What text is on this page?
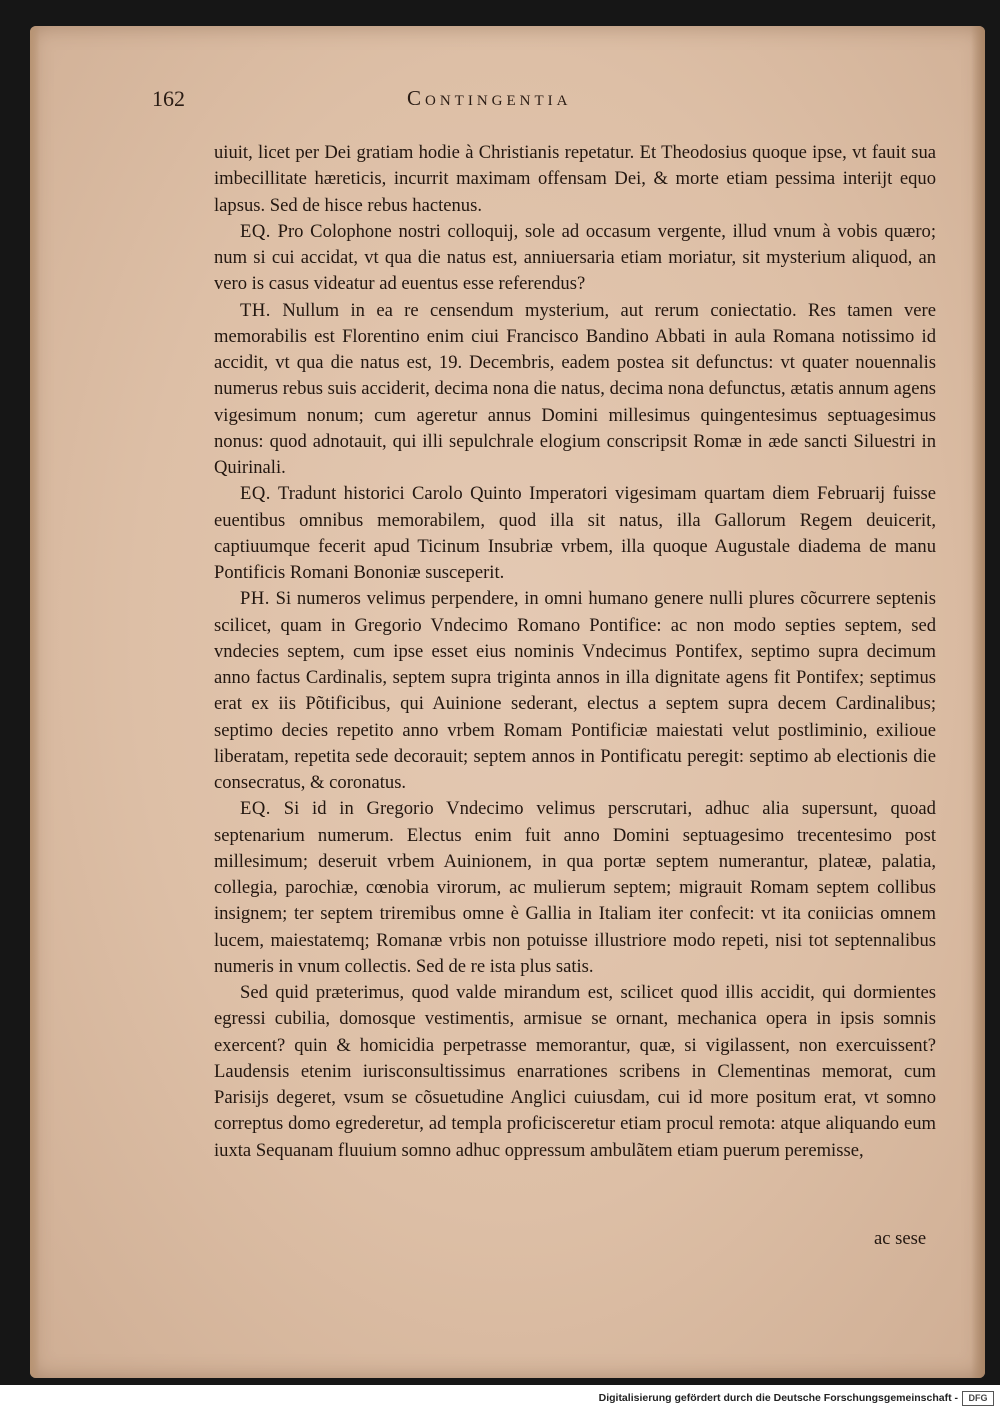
162	Contingentia

uiuit, licet per Dei gratiam hodie à Christianis repetatur. Et Theodosius quoque ipse, vt fauit sua imbecillitate hæreticis, incurrit maximam offensam Dei, & morte etiam pessima interijt equo lapsus. Sed de hisce rebus hactenus.

EQ. Pro Colophone nostri colloquij, sole ad occasum vergente, illud vnum à vobis quæro; num si cui accidat, vt qua die natus est, anniuersaria etiam moriatur, sit mysterium aliquod, an vero is casus videatur ad euentus esse referendus?

TH. Nullum in ea re censendum mysterium, aut rerum coniectatio. Res tamen vere memorabilis est Florentino enim ciui Francisco Bandino Abbati in aula Romana notissimo id accidit, vt qua die natus est, 19. Decembris, eadem postea sit defunctus: vt quater nouennalis numerus rebus suis acciderit, decima nona die natus, decima nona defunctus, ætatis annum agens vigesimum nonum; cum ageretur annus Domini millesimus quingentesimus septuagesimus nonus: quod adnotauit, qui illi sepulchrale elogium conscripsit Romæ in æde sancti Siluestri in Quirinali.

EQ. Tradunt historici Carolo Quinto Imperatori vigesimam quartam diem Februarij fuisse euentibus omnibus memorabilem, quod illa sit natus, illa Gallorum Regem deuicerit, captiuumque fecerit apud Ticinum Insubriæ vrbem, illa quoque Augustale diadema de manu Pontificis Romani Bononiæ susceperit.

PH. Si numeros velimus perpendere, in omni humano genere nulli plures cõcurrere septenis scilicet, quam in Gregorio Vndecimo Romano Pontifice: ac non modo septies septem, sed vndecies septem, cum ipse esset eius nominis Vndecimus Pontifex, septimo supra decimum anno factus Cardinalis, septem supra triginta annos in illa dignitate agens fit Pontifex; septimus erat ex iis Põtificibus, qui Auinione sederant, electus a septem supra decem Cardinalibus; septimo decies repetito anno vrbem Romam Pontificiæ maiestati velut postliminio, exilioue liberatam, repetita sede decorauit; septem annos in Pontificatu peregit: septimo ab electionis die consecratus, & coronatus.

EQ. Si id in Gregorio Vndecimo velimus perscrutari, adhuc alia supersunt, quoad septenarium numerum. Electus enim fuit anno Domini septuagesimo trecentesimo post millesimum; deseruit vrbem Auinionem, in qua portæ septem numerantur, plateæ, palatia, collegia, parochiæ, cœnobia virorum, ac mulierum septem; migrauit Romam septem collibus insignem; ter septem triremibus omne è Gallia in Italiam iter confecit: vt ita coniicias omnem lucem, maiestatemq; Romanæ vrbis non potuisse illustriore modo repeti, nisi tot septennalibus numeris in vnum collectis. Sed de re ista plus satis.

Sed quid præterimus, quod valde mirandum est, scilicet quod illis accidit, qui dormientes egressi cubilia, domosque vestimentis, armisue se ornant, mechanica opera in ipsis somnis exercent? quin & homicidia perpetrasse memorantur, quæ, si vigilassent, non exercuissent? Laudensis etenim iurisconsultissimus enarrationes scribens in Clementinas memorat, cum Parisijs degeret, vsum se cõsuetudine Anglici cuiusdam, cui id more positum erat, vt somno correptus domo egrederetur, ad templa proficisceretur etiam procul remota: atque aliquando eum iuxta Sequanam fluuium somno adhuc oppressum ambulãtem etiam puerum peremisse,

ac sese
Digitalisierung gefördert durch die Deutsche Forschungsgemeinschaft -	DFG
